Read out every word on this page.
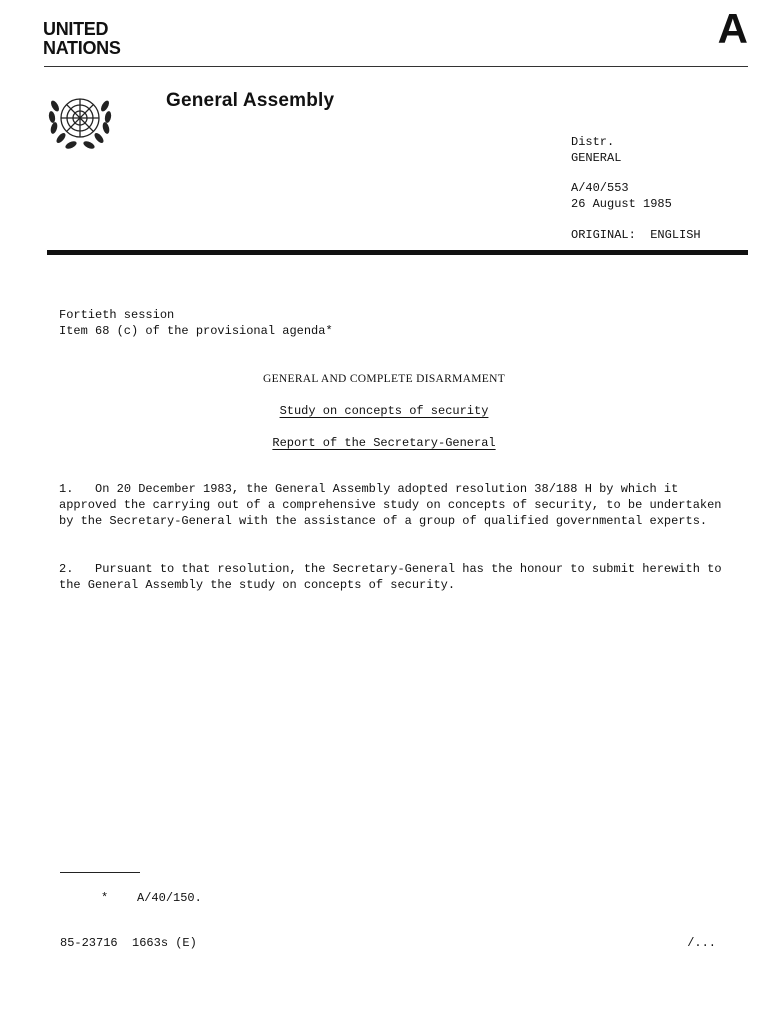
UNITED
NATIONS	A
General Assembly
Distr.
GENERAL
A/40/553
26 August 1985
ORIGINAL: ENGLISH
Fortieth session
Item 68 (c) of the provisional agenda*
GENERAL AND COMPLETE DISARMAMENT
Study on concepts of security
Report of the Secretary-General
1. On 20 December 1983, the General Assembly adopted resolution 38/188 H by which it approved the carrying out of a comprehensive study on concepts of security, to be undertaken by the Secretary-General with the assistance of a group of qualified governmental experts.
2. Pursuant to that resolution, the Secretary-General has the honour to submit herewith to the General Assembly the study on concepts of security.
* A/40/150.
85-23716  1663s (E)	/...
